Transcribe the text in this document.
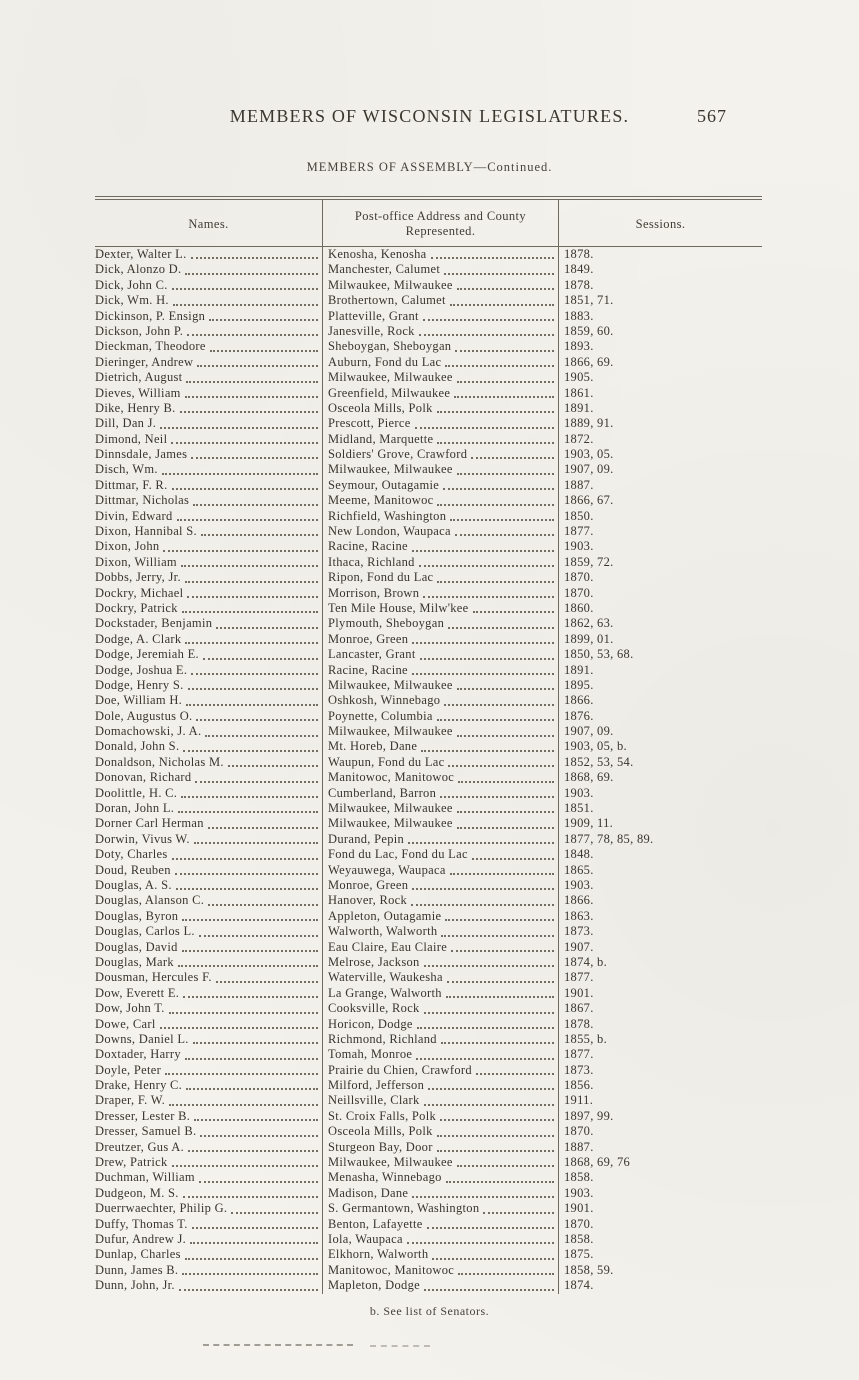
MEMBERS OF WISCONSIN LEGISLATURES.	567
MEMBERS OF ASSEMBLY—Continued.
Names.
Post-office Address and County Represented.
Sessions.
Dexter, Walter L.	Kenosha, Kenosha	1878.
Dick, Alonzo D.	Manchester, Calumet	1849.
Dick, John C.	Milwaukee, Milwaukee	1878.
Dick, Wm. H.	Brothertown, Calumet	1851, 71.
Dickinson, P. Ensign	Platteville, Grant	1883.
Dickson, John P.	Janesville, Rock	1859, 60.
Dieckman, Theodore	Sheboygan, Sheboygan	1893.
Dieringer, Andrew	Auburn, Fond du Lac	1866, 69.
Dietrich, August	Milwaukee, Milwaukee	1905.
Dieves, William	Greenfield, Milwaukee	1861.
Dike, Henry B.	Osceola Mills, Polk	1891.
Dill, Dan J.	Prescott, Pierce	1889, 91.
Dimond, Neil	Midland, Marquette	1872.
Dinnsdale, James	Soldiers' Grove, Crawford	1903, 05.
Disch, Wm.	Milwaukee, Milwaukee	1907, 09.
Dittmar, F. R.	Seymour, Outagamie	1887.
Dittmar, Nicholas	Meeme, Manitowoc	1866, 67.
Divin, Edward	Richfield, Washington	1850.
Dixon, Hannibal S.	New London, Waupaca	1877.
Dixon, John	Racine, Racine	1903.
Dixon, William	Ithaca, Richland	1859, 72.
Dobbs, Jerry, Jr.	Ripon, Fond du Lac	1870.
Dockry, Michael	Morrison, Brown	1870.
Dockry, Patrick	Ten Mile House, Milw'kee	1860.
Dockstader, Benjamin	Plymouth, Sheboygan	1862, 63.
Dodge, A. Clark	Monroe, Green	1899, 01.
Dodge, Jeremiah E.	Lancaster, Grant	1850, 53, 68.
Dodge, Joshua E.	Racine, Racine	1891.
Dodge, Henry S.	Milwaukee, Milwaukee	1895.
Doe, William H.	Oshkosh, Winnebago	1866.
Dole, Augustus O.	Poynette, Columbia	1876.
Domachowski, J. A.	Milwaukee, Milwaukee	1907, 09.
Donald, John S.	Mt. Horeb, Dane	1903, 05, b.
Donaldson, Nicholas M.	Waupun, Fond du Lac	1852, 53, 54.
Donovan, Richard	Manitowoc, Manitowoc	1868, 69.
Doolittle, H. C.	Cumberland, Barron	1903.
Doran, John L.	Milwaukee, Milwaukee	1851.
Dorner Carl Herman	Milwaukee, Milwaukee	1909, 11.
Dorwin, Vivus W.	Durand, Pepin	1877, 78, 85, 89.
Doty, Charles	Fond du Lac, Fond du Lac	1848.
Doud, Reuben	Weyauwega, Waupaca	1865.
Douglas, A. S.	Monroe, Green	1903.
Douglas, Alanson C.	Hanover, Rock	1866.
Douglas, Byron	Appleton, Outagamie	1863.
Douglas, Carlos L.	Walworth, Walworth	1873.
Douglas, David	Eau Claire, Eau Claire	1907.
Douglas, Mark	Melrose, Jackson	1874, b.
Dousman, Hercules F.	Waterville, Waukesha	1877.
Dow, Everett E.	La Grange, Walworth	1901.
Dow, John T.	Cooksville, Rock	1867.
Dowe, Carl	Horicon, Dodge	1878.
Downs, Daniel L.	Richmond, Richland	1855, b.
Doxtader, Harry	Tomah, Monroe	1877.
Doyle, Peter	Prairie du Chien, Crawford	1873.
Drake, Henry C.	Milford, Jefferson	1856.
Draper, F. W.	Neillsville, Clark	1911.
Dresser, Lester B.	St. Croix Falls, Polk	1897, 99.
Dresser, Samuel B.	Osceola Mills, Polk	1870.
Dreutzer, Gus A.	Sturgeon Bay, Door	1887.
Drew, Patrick	Milwaukee, Milwaukee	1868, 69, 76
Duchman, William	Menasha, Winnebago	1858.
Dudgeon, M. S.	Madison, Dane	1903.
Duerrwaechter, Philip G.	S. Germantown, Washington	1901.
Duffy, Thomas T.	Benton, Lafayette	1870.
Dufur, Andrew J.	Iola, Waupaca	1858.
Dunlap, Charles	Elkhorn, Walworth	1875.
Dunn, James B.	Manitowoc, Manitowoc	1858, 59.
Dunn, John, Jr.	Mapleton, Dodge	1874.
b. See list of Senators.
